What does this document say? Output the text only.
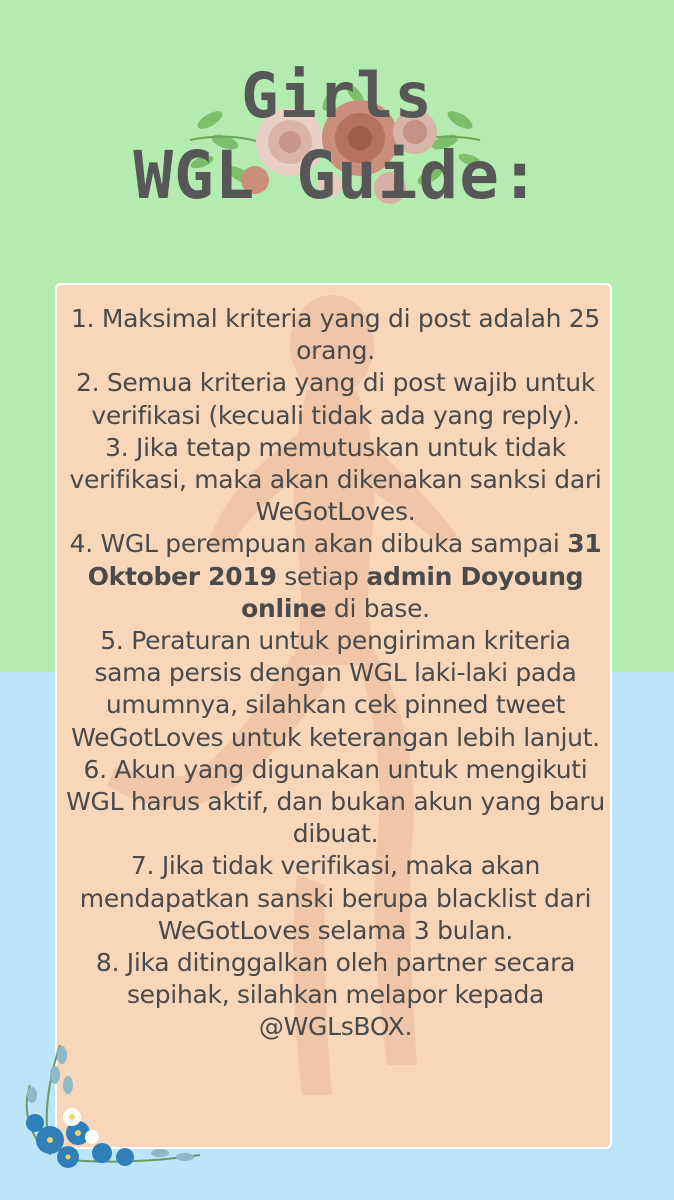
Girls
WGL Guide:
1. Maksimal kriteria yang di post adalah 25 orang.
2. Semua kriteria yang di post wajib untuk verifikasi (kecuali tidak ada yang reply).
3. Jika tetap memutuskan untuk tidak verifikasi, maka akan dikenakan sanksi dari WeGotLoves.
4. WGL perempuan akan dibuka sampai 31 Oktober 2019 setiap admin Doyoung online di base.
5. Peraturan untuk pengiriman kriteria sama persis dengan WGL laki-laki pada umumnya, silahkan cek pinned tweet WeGotLoves untuk keterangan lebih lanjut.
6. Akun yang digunakan untuk mengikuti WGL harus aktif, dan bukan akun yang baru dibuat.
7. Jika tidak verifikasi, maka akan mendapatkan sanski berupa blacklist dari WeGotLoves selama 3 bulan.
8. Jika ditinggalkan oleh partner secara sepihak, silahkan melapor kepada @WGLsBOX.
